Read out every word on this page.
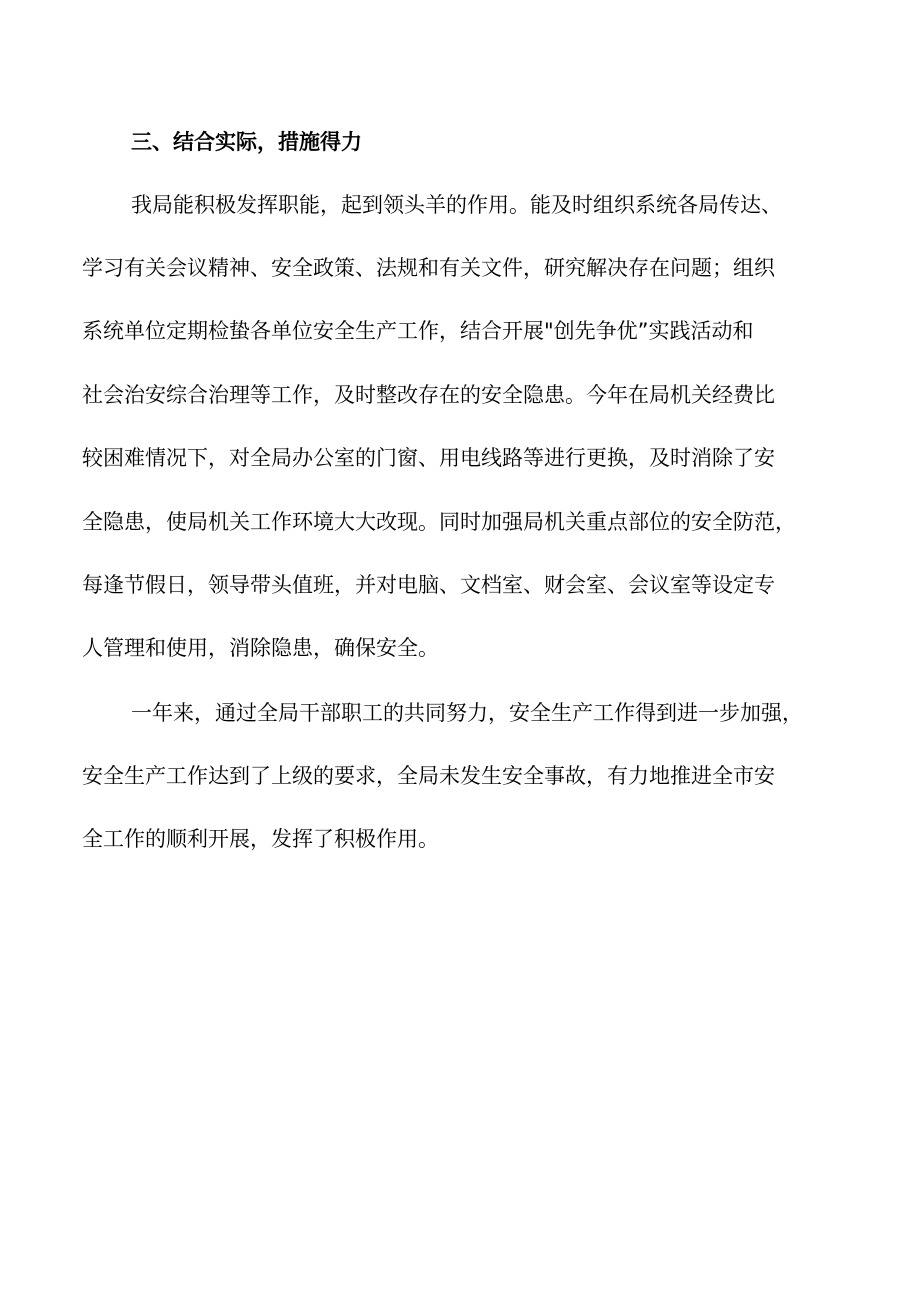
三、结合实际，措施得力
我局能积极发挥职能，起到领头羊的作用。能及时组织系统各局传达、
学习有关会议精神、安全政策、法规和有关文件，研究解决存在问题；组织
系统单位定期检蛰各单位安全生产工作，结合开展"创先争优”实践活动和
社会治安综合治理等工作，及时整改存在的安全隐患。今年在局机关经费比
较困难情况下，对全局办公室的门窗、用电线路等进行更换，及时消除了安
全隐患，使局机关工作环境大大改现。同时加强局机关重点部位的安全防范，
每逢节假日，领导带头值班，并对电脑、文档室、财会室、会议室等设定专
人管理和使用，消除隐患，确保安全。
一年来，通过全局干部职工的共同努力，安全生产工作得到进一步加强，
安全生产工作达到了上级的要求，全局未发生安全事故，有力地推进全市安
全工作的顺利开展，发挥了积极作用。
